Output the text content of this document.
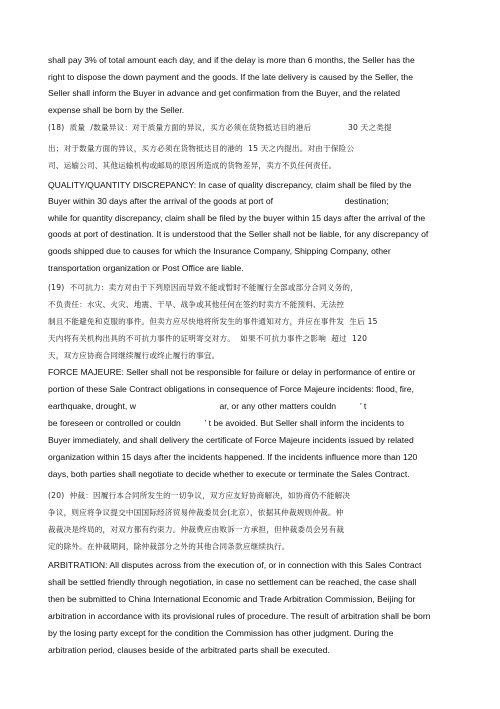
shall pay 3% of total amount each day, and if the delay is more than 6 months, the Seller has the
right to dispose the down payment and the goods. If the late delivery is caused by the Seller, the
Seller shall inform the Buyer in advance and get confirmation from the Buyer, and the related
expense shall be born by the Seller.
(18)  质量  /数量异议：对于质量方面的异议，买方必须在货物抵达目的港后              30 天之类提
出；对于数量方面的异议，买方必须在货物抵达目的港的  15 天之内提出。对由于保险公
司、运输公司、其他运输机构或邮局的原因所造成的货物差异，卖方不负任何责任。
QUALITY/QUANTITY DISCREPANCY: In case of quality discrepancy, claim shall be filed by the
Buyer within 30 days after the arrival of the goods at port of                              destination;
while for quantity discrepancy, claim shall be filed by the buyer within 15 days after the arrival of the
goods at port of destination. It is understood that the Seller shall not be liable, for any discrepancy of
goods shipped due to causes for which the Insurance Company, Shipping Company, other
transportation organization or Post Office are liable.
(19)  不可抗力：卖方对由于下列原因而导致不能或暂时不能履行全部或部分合同义务的，
不负责任：水灾、火灾、地震、干旱、战争或其他任何在签约时卖方不能预料、无法控
制且不能避免和克服的事件。但卖方应尽快地将所发生的事件通知对方，并应在事件发  生后 15
天内将有关机构出具的不可抗力事件的证明寄交对方。  如果不可抗力事件之影响  超过  120
天，双方应协商合同继续履行或终止履行的事宜。
FORCE MAJEURE: Seller shall not be responsible for failure or delay in performance of entire or
portion of these Sale Contract obligations in consequence of Force Majeure incidents: flood, fire,
earthquake, drought, w                                   ar, or any other matters couldn          ’ t
be foreseen or controlled or couldn          ’ t be avoided. But Seller shall inform the incidents to
Buyer immediately, and shall delivery the certificate of Force Majeure incidents issued by related
organization within 15 days after the incidents happened. If the incidents influence more than 120
days, both parties shall negotiate to decide whether to execute or terminate the Sales Contract.
(20)  仲裁：因履行本合同所发生的一切争议，双方应友好协商解决，如协商仍不能解决
争议，则应将争议提交中国国际经济贸易仲裁委员会(北京），依据其仲裁规则仲裁。仲
裁裁决是终局的，对双方都有约束力。仲裁费应由败诉一方承担，但仲裁委员会另有裁
定的除外。在仲裁期间，除仲裁部分之外的其他合同条款应继续执行。
ARBITRATION: All disputes across from the execution of, or in connection with this Sales Contract
shall be settled friendly through negotiation, in case no settlement can be reached, the case shall
then be submitted to China International Economic and Trade Arbitration Commission, Beijing for
arbitration in accordance with its provisional rules of procedure. The result of arbitration shall be born
by the losing party except for the condition the Commission has other judgment. During the
arbitration period, clauses beside of the arbitrated parts shall be executed.
